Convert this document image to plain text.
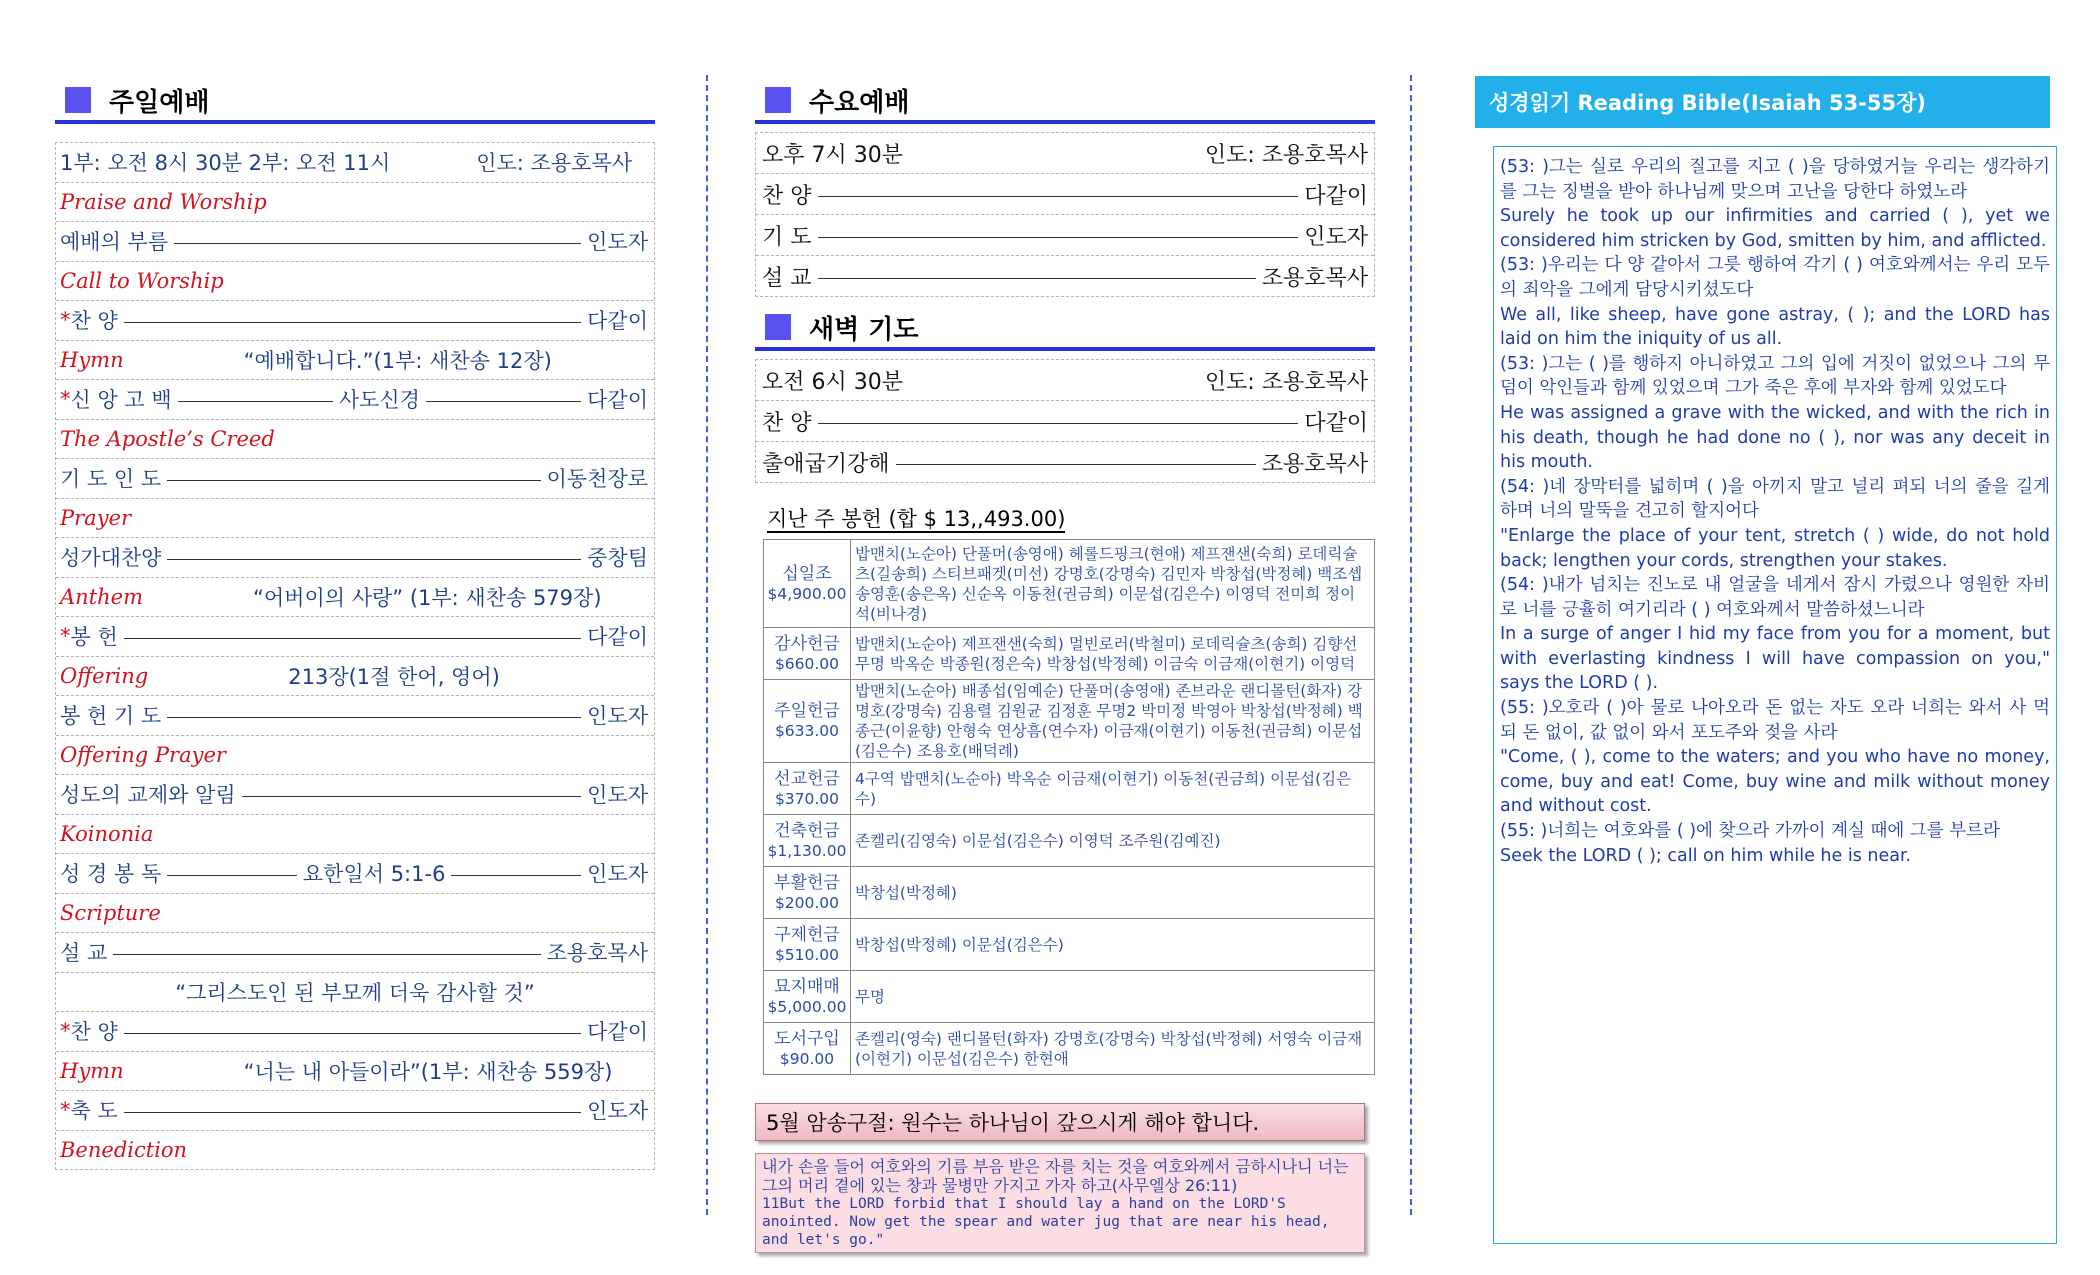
주일예배
1부: 오전 8시 30분 2부: 오전 11시	인도: 조용호목사
Praise and Worship
예배의 부름	인도자
Call to Worship
* 찬 양	다같이
Hymn	“예배합니다.”(1부: 새찬송 12장)
* 신 앙 고 백	사도신경	다같이
The Apostle’s Creed
기 도 인 도	이동천장로
Prayer
성가대찬양	중창팀
Anthem	“어버이의 사랑” (1부: 새찬송 579장)
* 봉 헌	다같이
Offering	213장(1절 한어, 영어)
봉 헌 기 도	인도자
Offering Prayer
성도의 교제와 알림	인도자
Koinonia
성 경 봉 독	요한일서 5:1-6	인도자
Scripture
설 교	조용호목사
“그리스도인 된 부모께 더욱 감사할 것”
* 찬 양	다같이
Hymn	“너는 내 아들이라”(1부: 새찬송 559장)
* 축 도	인도자
Benediction
수요예배
오후 7시 30분	인도: 조용호목사
찬 양	다같이
기 도	인도자
설 교	조용호목사
새벽 기도
오전 6시 30분	인도: 조용호목사
찬 양	다같이
출애굽기강해	조용호목사
지난 주 봉헌 (합 $ 13,,493.00)
십일조
$4,900.00	밥맨치(노순아) 단풀머(송영애) 헤롤드핑크(현애) 제프잰샌(숙희) 로데릭슐츠(길송희) 스티브패겟(미선) 강명호(강명숙) 김민자 박창섭(박정혜) 백조셉 송영훈(송은옥) 신순옥 이동천(권금희) 이문섭(김은수) 이영덕 전미희 정이석(비나경)

감사헌금
$660.00	밥맨치(노순아) 제프잰샌(숙희) 멀빈로러(박철미) 로데릭슐츠(송희) 김향선 무명 박옥순 박종원(정은숙) 박창섭(박정혜) 이금숙 이금재(이현기) 이영덕

주일헌금
$633.00	밥맨치(노순아) 배종섭(임예순) 단풀머(송영애) 존브라운 랜디몰턴(화자) 강명호(강명숙) 김용렬 김원균 김정훈 무명2 박미정 박영아 박창섭(박정혜) 백종근(이윤향) 안형숙 연상흠(연수자) 이금재(이현기) 이동천(권금희) 이문섭(김은수) 조용호(배덕례)

선교헌금
$370.00	4구역 밥맨치(노순아) 박옥순 이금재(이현기) 이동천(권금희) 이문섭(김은수)

건축헌금
$1,130.00	존켈리(김영숙) 이문섭(김은수) 이영덕 조주원(김예진)

부활헌금
$200.00	박창섭(박정혜)

구제헌금
$510.00	박창섭(박정혜) 이문섭(김은수)

묘지매매
$5,000.00	무명

도서구입
$90.00	존켈리(영숙) 랜디몰턴(화자) 강명호(강명숙) 박창섭(박정혜) 서영숙 이금재(이현기) 이문섭(김은수) 한현애
5월 암송구절: 원수는 하나님이 갚으시게 해야 합니다.
내가 손을 들어 여호와의 기름 부음 받은 자를 치는 것을 여호와께서 금하시나니 너는 그의 머리 곁에 있는 창과 물병만 가지고 가자 하고(사무엘상 26:11)
11But the LORD forbid that I should lay a hand on the LORD'S anointed. Now get the spear and water jug that are near his head, and let's go."
성경읽기 Reading Bible(Isaiah 53-55장)

(53: )그는 실로 우리의 질고를 지고 ( )을 당하였거늘 우리는 생각하기를 그는 징벌을 받아 하나님께 맞으며 고난을 당한다 하였노라

Surely he took up our infirmities and carried ( ), yet we considered him stricken by God, smitten by him, and afflicted.

(53: )우리는 다 양 같아서 그릇 행하여 각기 ( ) 여호와께서는 우리 모두의 죄악을 그에게 담당시키셨도다

We all, like sheep, have gone astray, ( ); and the LORD has laid on him the iniquity of us all.

(53: )그는 ( )를 행하지 아니하였고 그의 입에 거짓이 없었으나 그의 무덤이 악인들과 함께 있었으며 그가 죽은 후에 부자와 함께 있었도다

He was assigned a grave with the wicked, and with the rich in his death, though he had done no ( ), nor was any deceit in his mouth.

(54: )네 장막터를 넓히며 ( )을 아끼지 말고 널리 펴되 너의 줄을 길게 하며 너의 말뚝을 견고히 할지어다

"Enlarge the place of your tent, stretch ( ) wide, do not hold back; lengthen your cords, strengthen your stakes.

(54: )내가 넘치는 진노로 내 얼굴을 네게서 잠시 가렸으나 영원한 자비로 너를 긍휼히 여기리라 ( ) 여호와께서 말씀하셨느니라

In a surge of anger I hid my face from you for a moment, but with everlasting kindness I will have compassion on you," says the LORD ( ).

(55: )오호라 ( )아 물로 나아오라 돈 없는 자도 오라 너희는 와서 사 먹되 돈 없이, 값 없이 와서 포도주와 젖을 사라

"Come, ( ), come to the waters; and you who have no money, come, buy and eat! Come, buy wine and milk without money and without cost.

(55: )너희는 여호와를 ( )에 찾으라 가까이 계실 때에 그를 부르라

Seek the LORD ( ); call on him while he is near.
